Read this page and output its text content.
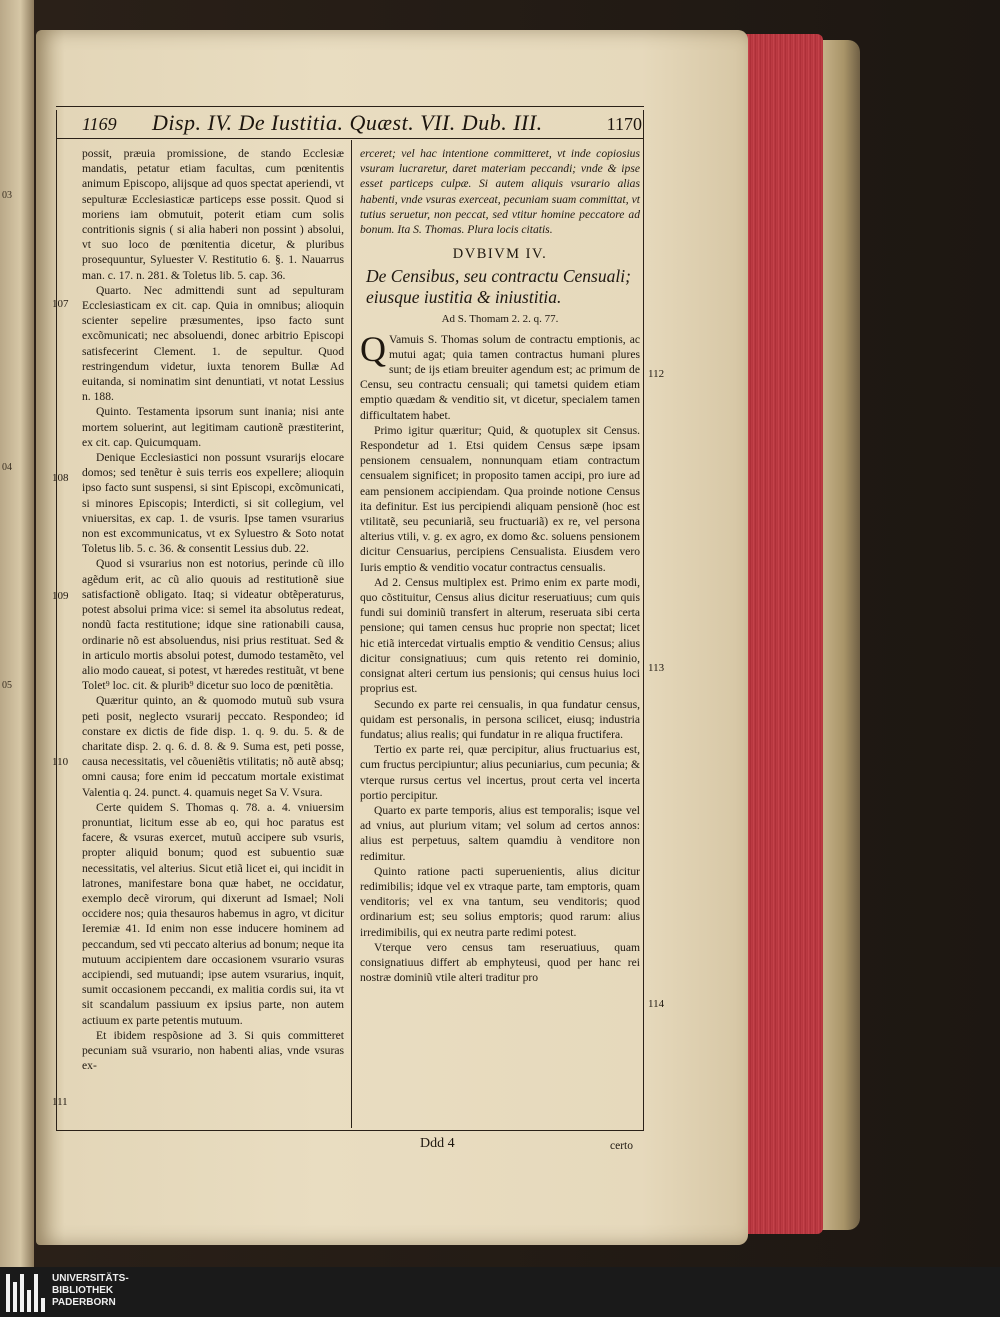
03
04
05
1169 Disp. IV. De Iustitia. Quæst. VII. Dub. III.	1170

possit, præuia promissione, de stando Ecclesiæ mandatis, petatur etiam facultas, cum pœnitentis animum Episcopo, alijsque ad quos spectat aperiendi, vt sepulturæ Ecclesiasticæ particeps esse possit. Quod si moriens iam obmutuit, poterit etiam cum solis contritionis signis ( si alia haberi non possint ) absolui, vt suo loco de pœnitentia dicetur, & pluribus prosequuntur, Syluester V. Restitutio 6. §. 1. Nauarrus man. c. 17. n. 281. & Toletus lib. 5. cap. 36.

Quarto. Nec admittendi sunt ad sepulturam Ecclesiasticam ex cit. cap. Quia in omnibus; alioquin scienter sepelire præsumentes, ipso facto sunt excõmunicati; nec absoluendi, donec arbitrio Episcopi satisfecerint Clement. 1. de sepultur. Quod restringendum videtur, iuxta tenorem Bullæ Ad euitanda, si nominatim sint denuntiati, vt notat Lessius n. 188.

Quinto. Testamenta ipsorum sunt inania; nisi ante mortem soluerint, aut legitimam cautionẽ præstiterint, ex cit. cap. Quicumquam.

Denique Ecclesiastici non possunt vsurarijs elocare domos; sed tenẽtur è suis terris eos expellere; alioquin ipso facto sunt suspensi, si sint Episcopi, excõmunicati, si minores Episcopis; Interdicti, si sit collegium, vel vniuersitas, ex cap. 1. de vsuris. Ipse tamen vsurarius non est excommunicatus, vt ex Syluestro & Soto notat Toletus lib. 5. c. 36. & consentit Lessius dub. 22.

Quod si vsurarius non est notorius, perinde cũ illo agẽdum erit, ac cũ alio quouis ad restitutionẽ siue satisfactionẽ obligato. Itaq; si videatur obtẽperaturus, potest absolui prima vice: si semel ita absolutus redeat, nondũ facta restitutione; idque sine rationabili causa, ordinarie nõ est absoluendus, nisi prius restituat. Sed & in articulo mortis absolui potest, dumodo testamẽto, vel alio modo caueat, si potest, vt hæredes restituãt, vt bene Tolet⁹ loc. cit. & plurib⁹ dicetur suo loco de pœnitẽtia.

Quæritur quinto, an & quomodo mutuũ sub vsura peti posit, neglecto vsurarij peccato. Respondeo; id constare ex dictis de fide disp. 1. q. 9. du. 5. & de charitate disp. 2. q. 6. d. 8. & 9. Suma est, peti posse, causa necessitatis, vel cõueniẽtis vtilitatis; nõ autẽ absq; omni causa; fore enim id peccatum mortale existimat Valentia q. 24. punct. 4. quamuis neget Sa V. Vsura.

Certe quidem S. Thomas q. 78. a. 4. vniuersim pronuntiat, licitum esse ab eo, qui hoc paratus est facere, & vsuras exercet, mutuũ accipere sub vsuris, propter aliquid bonum; quod est subuentio suæ necessitatis, vel alterius. Sicut etiã licet ei, qui incidit in latrones, manifestare bona quæ habet, ne occidatur, exemplo decẽ virorum, qui dixerunt ad Ismael; Noli occidere nos; quia thesauros habemus in agro, vt dicitur Ieremiæ 41. Id enim non esse inducere hominem ad peccandum, sed vti peccato alterius ad bonum; neque ita mutuum accipientem dare occasionem vsurario vsuras accipiendi, sed mutuandi; ipse autem vsurarius, inquit, sumit occasionem peccandi, ex malitia cordis sui, ita vt sit scandalum passiuum ex ipsius parte, non autem actiuum ex parte petentis mutuum.

Et ibidem respõsione ad 3. Si quis committeret pecuniam suã vsurario, non habenti alias, vnde vsuras ex-

erceret; vel hac intentione committeret, vt inde copiosius vsuram lucraretur, daret materiam peccandi; vnde & ipse esset particeps culpæ. Si autem aliquis vsurario alias habenti, vnde vsuras exerceat, pecuniam suam committat, vt tutius seruetur, non peccat, sed vtitur homine peccatore ad bonum. Ita S. Thomas. Plura locis citatis.

DVBIVM IV.
De Censibus, seu contractu Censuali; eiusque iustitia & iniustitia.
Ad S. Thomam 2. 2. q. 77.

Q Vamuis S. Thomas solum de contractu emptionis, ac mutui agat; quia tamen contractus humani plures sunt; de ijs etiam breuiter agendum est; ac primum de Censu, seu contractu censuali; qui tametsi quidem etiam emptio quædam & venditio sit, vt dicetur, specialem tamen difficultatem habet.

Primo igitur quæritur; Quid, & quotuplex sit Census. Respondetur ad 1. Etsi quidem Census sæpe ipsam pensionem censualem, nonnunquam etiam contractum censualem significet; in proposito tamen accipi, pro iure ad eam pensionem accipiendam. Qua proinde notione Census ita definitur. Est ius percipiendi aliquam pensionẽ (hoc est vtilitatẽ, seu pecuniariã, seu fructuariã) ex re, vel persona alterius vtili, v. g. ex agro, ex domo &c. soluens pensionem dicitur Censuarius, percipiens Censualista. Eiusdem vero Iuris emptio & venditio vocatur contractus censualis.

Ad 2. Census multiplex est. Primo enim ex parte modi, quo cõstituitur, Census alius dicitur reseruatiuus; cum quis fundi sui dominiũ transfert in alterum, reseruata sibi certa pensione; qui tamen census huc proprie non spectat; licet hic etiã intercedat virtualis emptio & venditio Census; alius dicitur consignatiuus; cum quis retento rei dominio, consignat alteri certum ius pensionis; qui census huius loci proprius est.

Secundo ex parte rei censualis, in qua fundatur census, quidam est personalis, in persona scilicet, eiusq; industria fundatus; alius realis; qui fundatur in re aliqua fructifera.

Tertio ex parte rei, quæ percipitur, alius fructuarius est, cum fructus percipiuntur; alius pecuniarius, cum pecunia; & vterque rursus certus vel incertus, prout certa vel incerta portio percipitur.

Quarto ex parte temporis, alius est temporalis; isque vel ad vnius, aut plurium vitam; vel solum ad certos annos: alius est perpetuus, saltem quamdiu à venditore non redimitur.

Quinto ratione pacti superuenientis, alius dicitur redimibilis; idque vel ex vtraque parte, tam emptoris, quam venditoris; vel ex vna tantum, seu venditoris; quod ordinarium est; seu solius emptoris; quod rarum: alius irredimibilis, qui ex neutra parte redimi potest.

Vterque vero census tam reseruatiuus, quam consignatiuus differt ab emphyteusi, quod per hanc rei nostræ dominiũ vtile alteri traditur pro

107
108
109
110
111
112
113
114
Ddd 4	certo
UNIVERSITÄTS-
BIBLIOTHEK
PADERBORN
